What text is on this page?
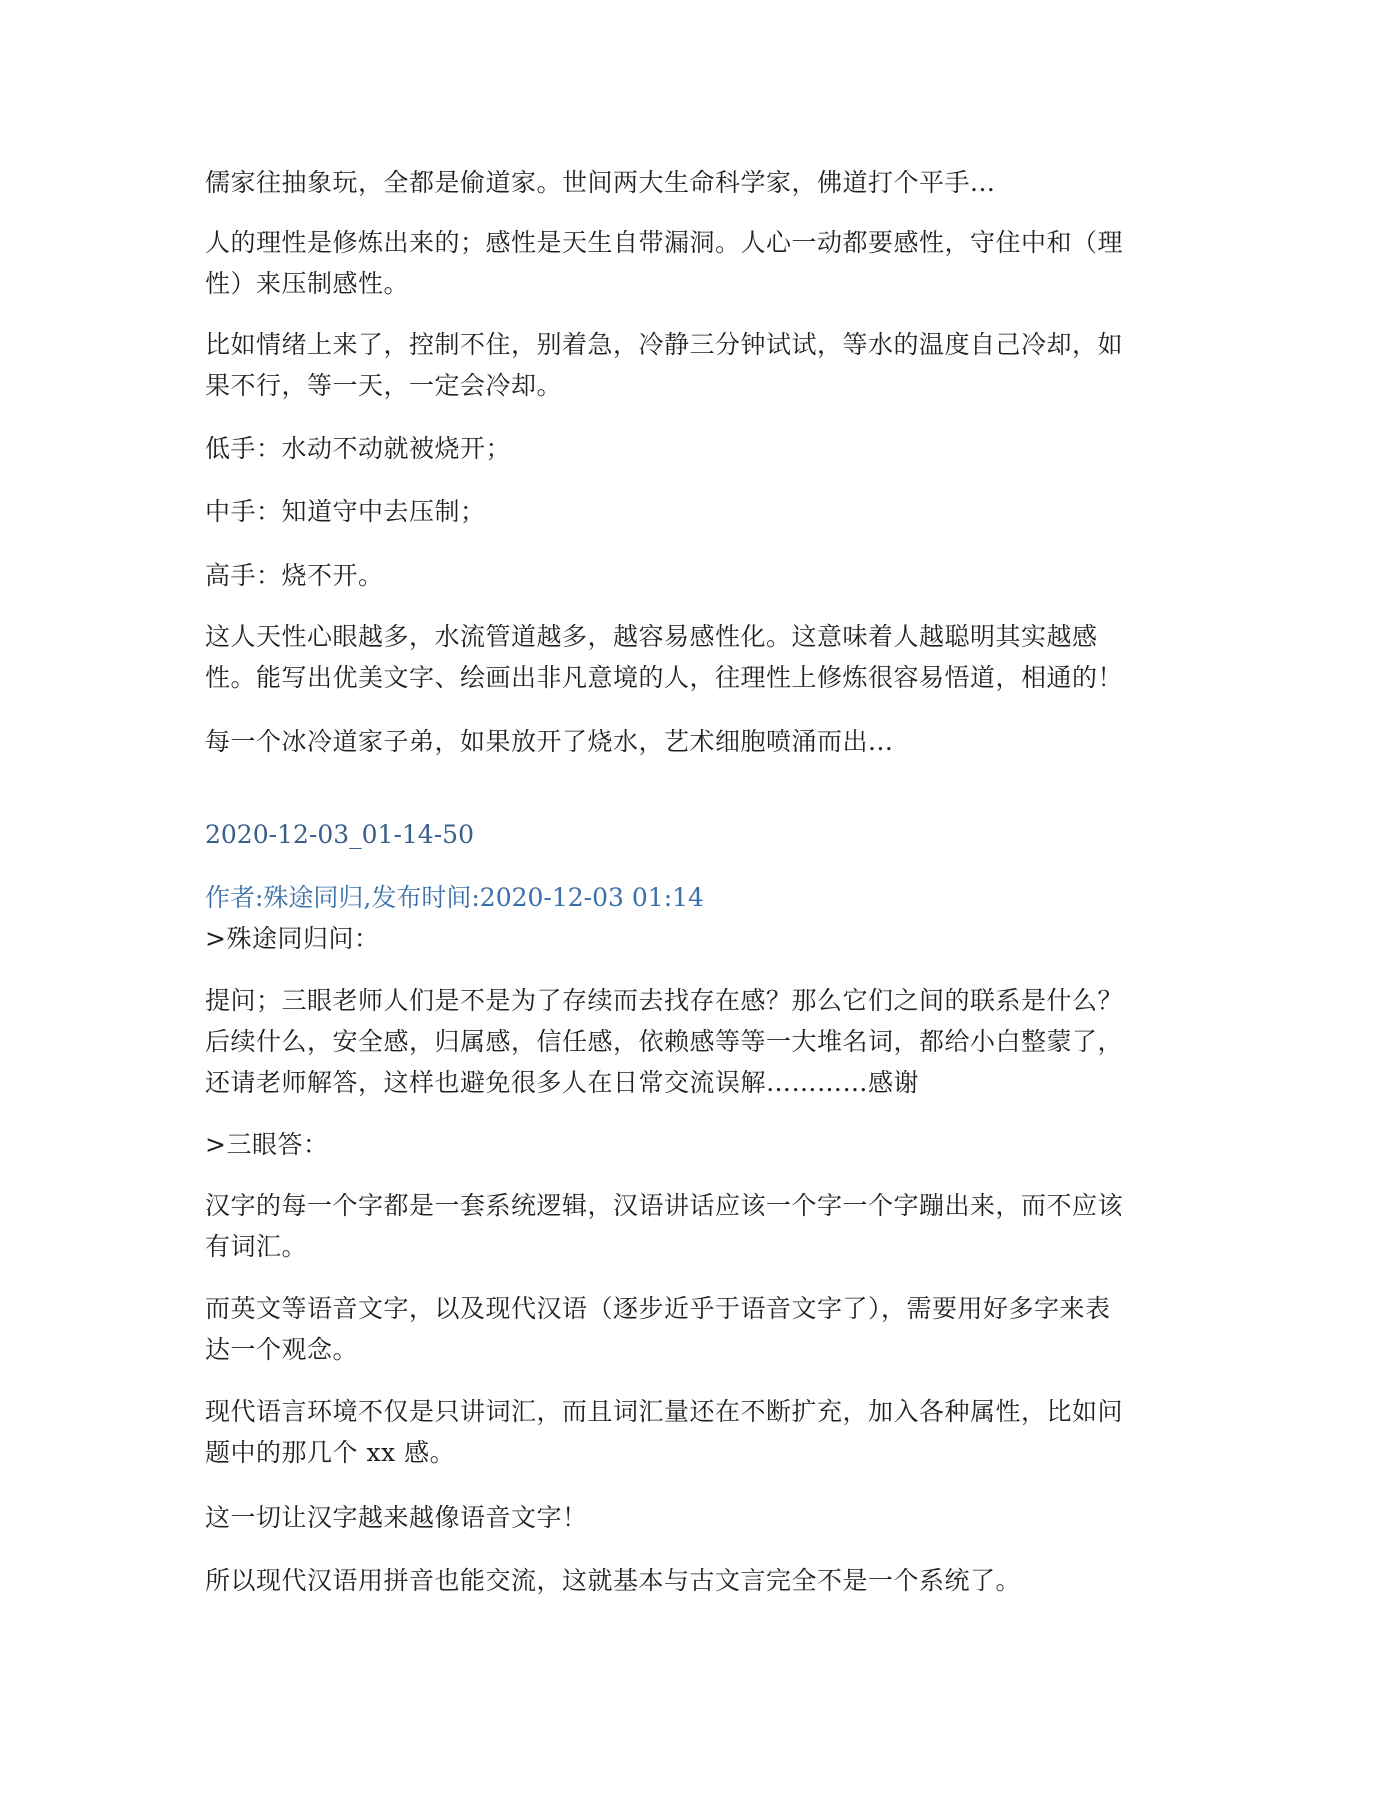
儒家往抽象玩，全都是偷道家。世间两大生命科学家，佛道打个平手...

人的理性是修炼出来的；感性是天生自带漏洞。人心一动都要感性，守住中和（理
性）来压制感性。

比如情绪上来了，控制不住，别着急，冷静三分钟试试，等水的温度自己冷却，如
果不行，等一天，一定会冷却。

低手：水动不动就被烧开；

中手：知道守中去压制；

高手：烧不开。

这人天性心眼越多，水流管道越多，越容易感性化。这意味着人越聪明其实越感
性。能写出优美文字、绘画出非凡意境的人，往理性上修炼很容易悟道，相通的！

每一个冰冷道家子弟，如果放开了烧水，艺术细胞喷涌而出...

2020-12-03_01-14-50

作者:殊途同归,发布时间:2020-12-03 01:14

>殊途同归问：

提问；三眼老师人们是不是为了存续而去找存在感？那么它们之间的联系是什么？
后续什么，安全感，归属感，信任感，依赖感等等一大堆名词，都给小白整蒙了，
还请老师解答，这样也避免很多人在日常交流误解…………感谢

>三眼答：

汉字的每一个字都是一套系统逻辑，汉语讲话应该一个字一个字蹦出来，而不应该
有词汇。

而英文等语音文字，以及现代汉语（逐步近乎于语音文字了），需要用好多字来表
达一个观念。

现代语言环境不仅是只讲词汇，而且词汇量还在不断扩充，加入各种属性，比如问
题中的那几个 xx 感。

这一切让汉字越来越像语音文字！

所以现代汉语用拼音也能交流，这就基本与古文言完全不是一个系统了。
